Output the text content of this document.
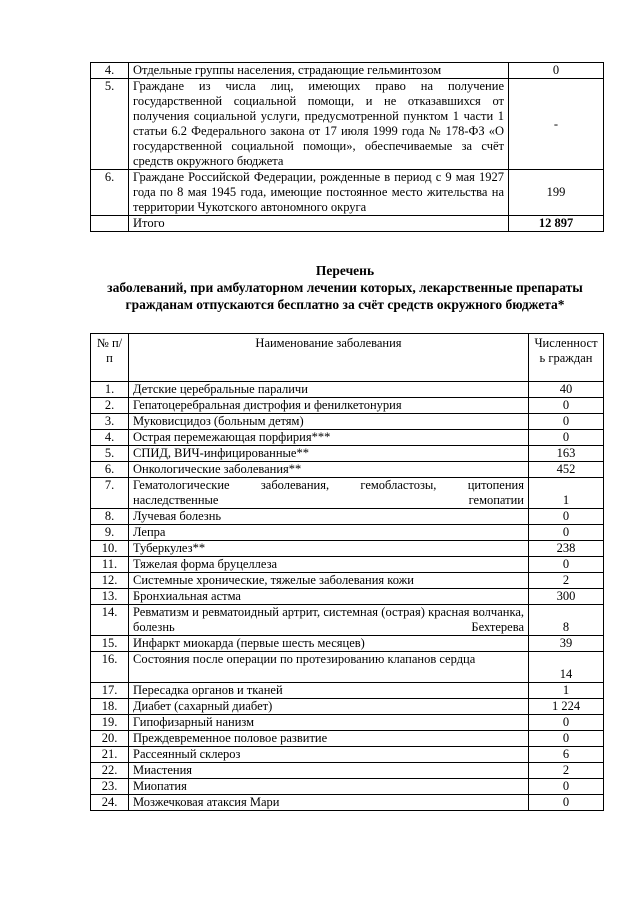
4.	Отдельные группы населения, страдающие гельминтозом	0
5.	Граждане из числа лиц, имеющих право на получение государственной социальной помощи, и не отказавшихся от получения социальной услуги, предусмотренной пунктом 1 части 1 статьи 6.2 Федерального закона от 17 июля 1999 года № 178-ФЗ «О государственной социальной помощи», обеспечиваемые за счёт средств окружного бюджета	-
6.	Граждане Российской Федерации, рожденные в период с 9 мая 1927 года по 8 мая 1945 года, имеющие постоянное место жительства на территории Чукотского автономного округа	199
	Итого	12 897
Перечень
заболеваний, при амбулаторном лечении которых, лекарственные препараты
гражданам отпускаются бесплатно за счёт средств окружного бюджета*
№ п/п	Наименование заболевания	Численность граждан
1.	Детские церебральные параличи	40
2.	Гепатоцеребральная дистрофия и фенилкетонурия	0
3.	Муковисцидоз (больным детям)	0
4.	Острая перемежающая порфирия***	0
5.	СПИД, ВИЧ-инфицированные**	163
6.	Онкологические заболевания**	452
7.	Гематологические заболевания, гемобластозы, цитопения наследственные гемопатии	1
8.	Лучевая болезнь	0
9.	Лепра	0
10.	Туберкулез**	238
11.	Тяжелая форма бруцеллеза	0
12.	Системные хронические, тяжелые заболевания кожи	2
13.	Бронхиальная астма	300
14.	Ревматизм и ревматоидный артрит, системная (острая) красная волчанка, болезнь Бехтерева	8
15.	Инфаркт миокарда (первые шесть месяцев)	39
16.	Состояния после операции по протезированию клапанов сердца	14
17.	Пересадка органов и тканей	1
18.	Диабет (сахарный диабет)	1 224
19.	Гипофизарный нанизм	0
20.	Преждевременное половое развитие	0
21.	Рассеянный склероз	6
22.	Миастения	2
23.	Миопатия	0
24.	Мозжечковая атаксия Мари	0
